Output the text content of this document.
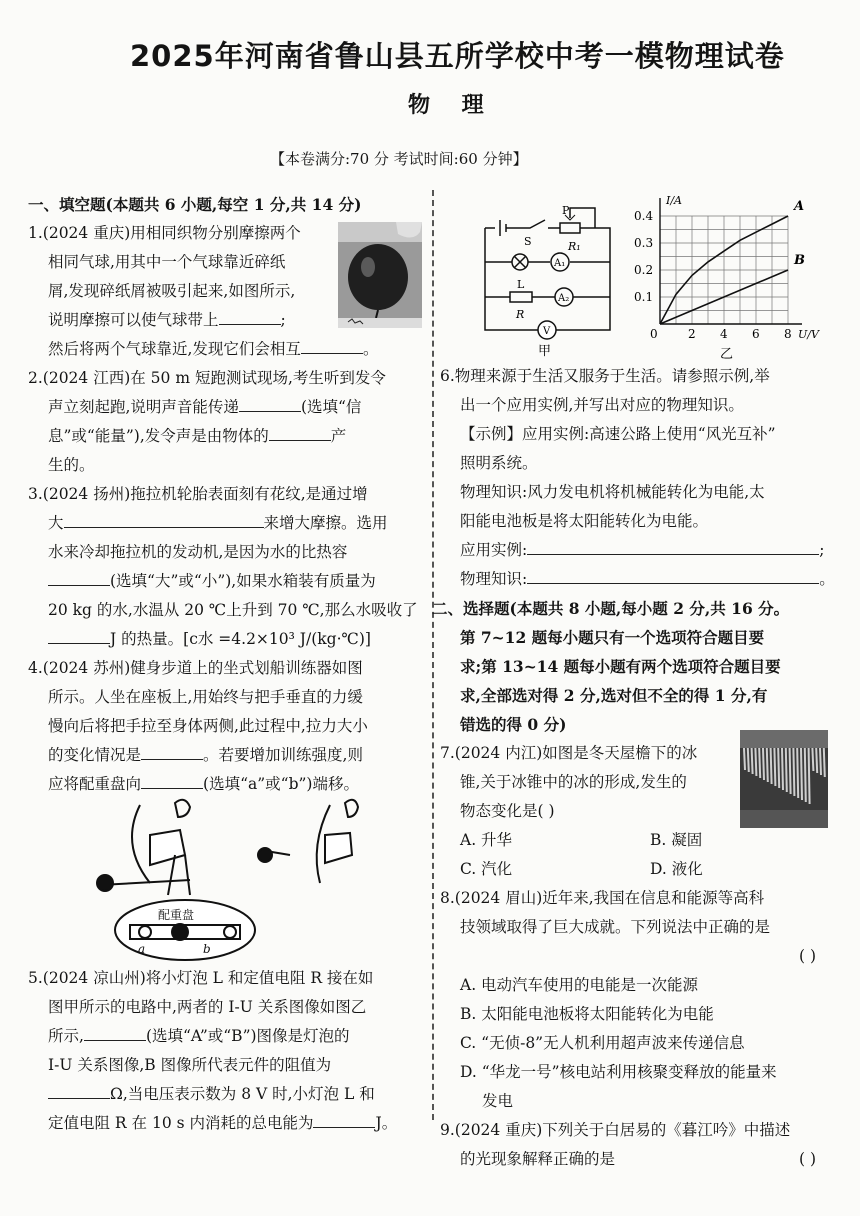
2025年河南省鲁山县五所学校中考一模物理试卷
物 理
【本卷满分:70 分 考试时间:60 分钟】

一、填空题(本题共 6 小题,每空 1 分,共 14 分)

1.(2024 重庆)用相同织物分别摩擦两个

相同气球,用其中一个气球靠近碎纸

屑,发现碎纸屑被吸引起来,如图所示,

说明摩擦可以使气球带上	;

然后将两个气球靠近,发现它们会相互	。

2.(2024 江西)在 50 m 短跑测试现场,考生听到发令

声立刻起跑,说明声音能传递	(选填“信

息”或“能量”),发令声是由物体的	产

生的。

3.(2024 扬州)拖拉机轮胎表面刻有花纹,是通过增

大	来增大摩擦。选用

水来冷却拖拉机的发动机,是因为水的比热容

(选填“大”或“小”),如果水箱装有质量为

20 kg 的水,水温从 20 ℃上升到 70 ℃,那么水吸收了

J 的热量。[c水 =4.2×10³ J/(kg·℃)]

4.(2024 苏州)健身步道上的坐式划船训练器如图

所示。人坐在座板上,用始终与把手垂直的力缓

慢向后将把手拉至身体两侧,此过程中,拉力大小

的变化情况是	。若要增加训练强度,则

应将配重盘向	(选填“a”或“b”)端移。

5.(2024 凉山州)将小灯泡 L 和定值电阻 R 接在如

图甲所示的电路中,两者的 I-U 关系图像如图乙

所示,	(选填“A”或“B”)图像是灯泡的

I-U 关系图像,B 图像所代表元件的阻值为

Ω,当电压表示数为 8 V 时,小灯泡 L 和

定值电阻 R 在 10 s 内消耗的总电能为	J。

配重盘
a	b
P
S	R₁
A₁
L
A₂
R
V
甲
0	2 4 6 8
0.1
0.2
0.3
0.4
U/V
I/A	A
B
乙

6.物理来源于生活又服务于生活。请参照示例,举

出一个应用实例,并写出对应的物理知识。

【示例】应用实例:高速公路上使用“风光互补”

照明系统。

物理知识:风力发电机将机械能转化为电能,太

阳能电池板是将太阳能转化为电能。

应用实例:	;

物理知识:	。

二、选择题(本题共 8 小题,每小题 2 分,共 16 分。

第 7~12 题每小题只有一个选项符合题目要

求;第 13~14 题每小题有两个选项符合题目要

求,全部选对得 2 分,选对但不全的得 1 分,有

错选的得 0 分)

7.(2024 内江)如图是冬天屋檐下的冰

锥,关于冰锥中的冰的形成,发生的

物态变化是( )

A. 升华	B. 凝固
C. 汽化	D. 液化

8.(2024 眉山)近年来,我国在信息和能源等高科

技领域取得了巨大成就。下列说法中正确的是

( )

A. 电动汽车使用的电能是一次能源

B. 太阳能电池板将太阳能转化为电能

C. “无侦-8”无人机利用超声波来传递信息

D. “华龙一号”核电站利用核聚变释放的能量来

发电

9.(2024 重庆)下列关于白居易的《暮江吟》中描述

的光现象解释正确的是	( )
